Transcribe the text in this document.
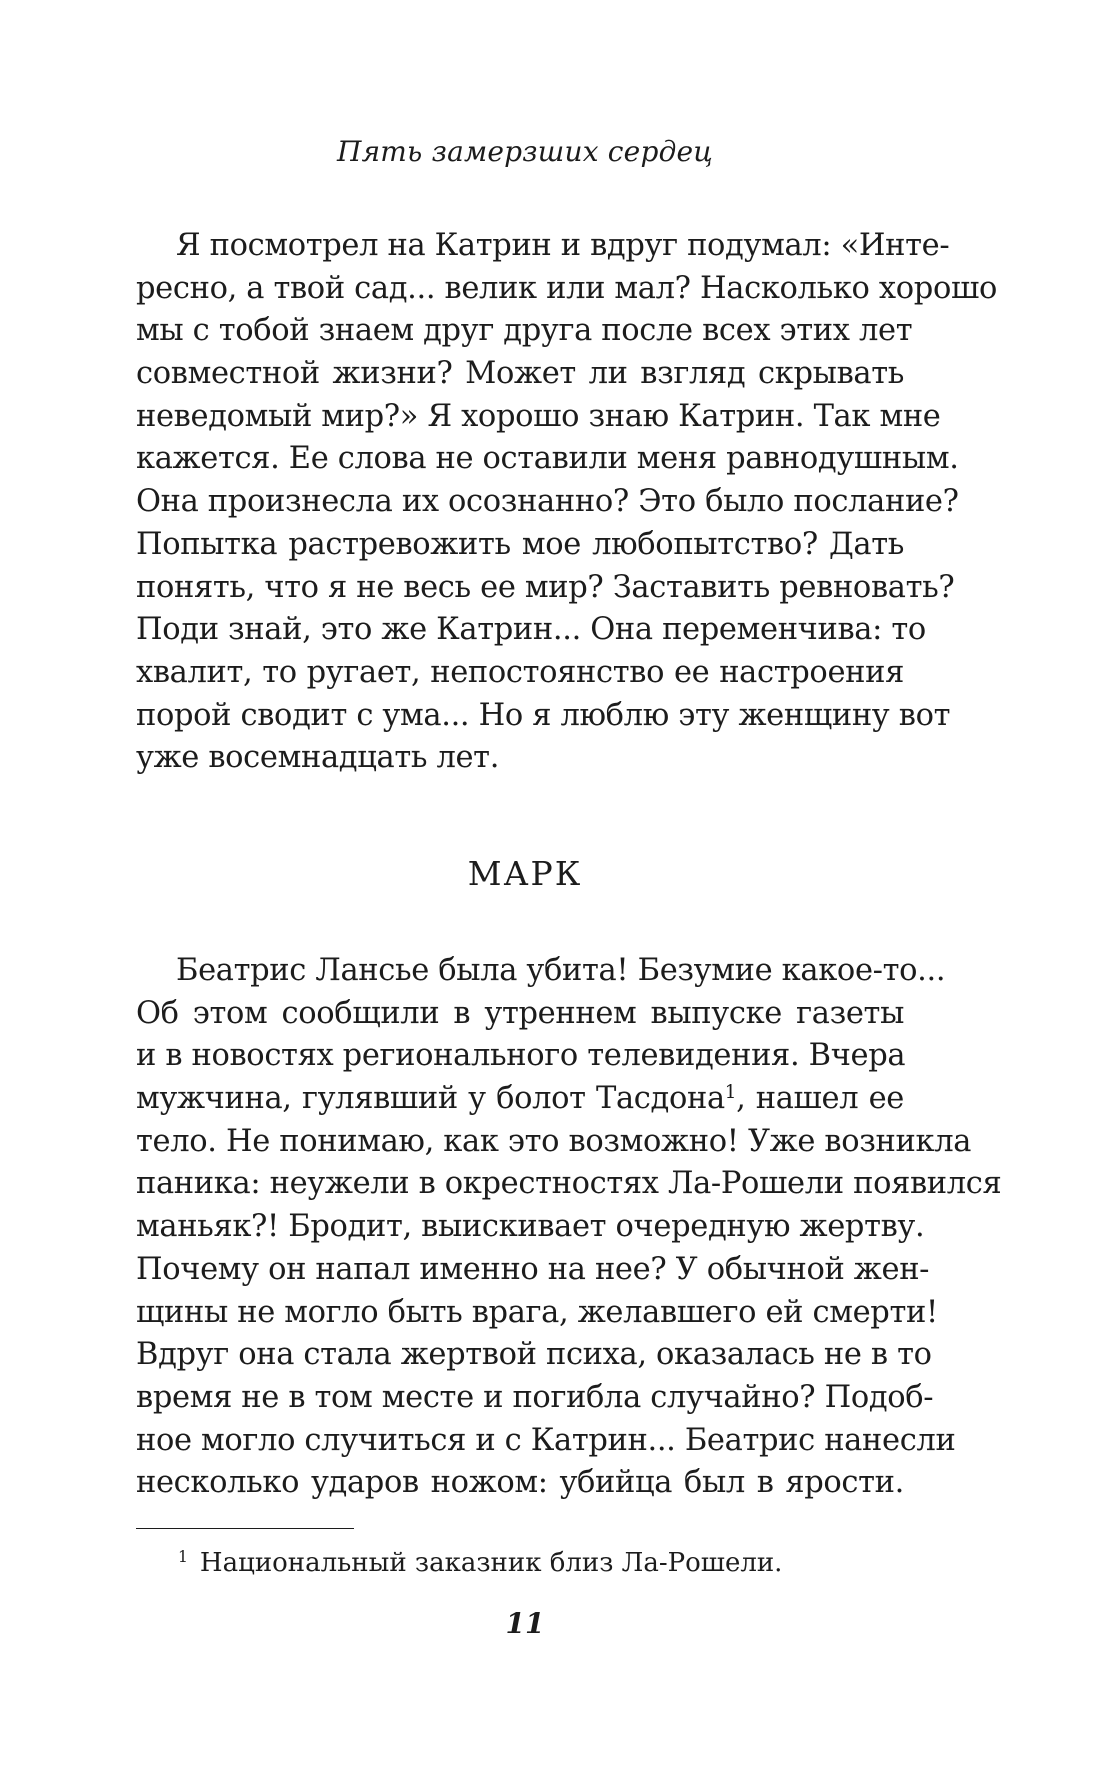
Пять замерзших сердец
Я посмотрел на Катрин и вдруг подумал: «Инте-
ресно, а твой сад... велик или мал? Насколько хорошо
мы с тобой знаем друг друга после всех этих лет
совместной жизни? Может ли взгляд скрывать
неведомый мир?» Я хорошо знаю Катрин. Так мне
кажется. Ее слова не оставили меня равнодушным.
Она произнесла их осознанно? Это было послание?
Попытка растревожить мое любопытство? Дать
понять, что я не весь ее мир? Заставить ревновать?
Поди знай, это же Катрин... Она переменчива: то
хвалит, то ругает, непостоянство ее настроения
порой сводит с ума... Но я люблю эту женщину вот
уже восемнадцать лет.
МАРК
Беатрис Лансье была убита! Безумие какое-то...
Об этом сообщили в утреннем выпуске газеты
и в новостях регионального телевидения. Вчера
мужчина, гулявший у болот Тасдона$^1$, нашел ее
тело. Не понимаю, как это возможно! Уже возникла
паника: неужели в окрестностях Ла-Рошели появился
маньяк?! Бродит, выискивает очередную жертву.
Почему он напал именно на нее? У обычной жен-
щины не могло быть врага, желавшего ей смерти!
Вдруг она стала жертвой психа, оказалась не в то
время не в том месте и погибла случайно? Подоб-
ное могло случиться и с Катрин... Беатрис нанесли
несколько ударов ножом: убийца был в ярости.
$^1$ Национальный заказник близ Ла-Рошели.
11
